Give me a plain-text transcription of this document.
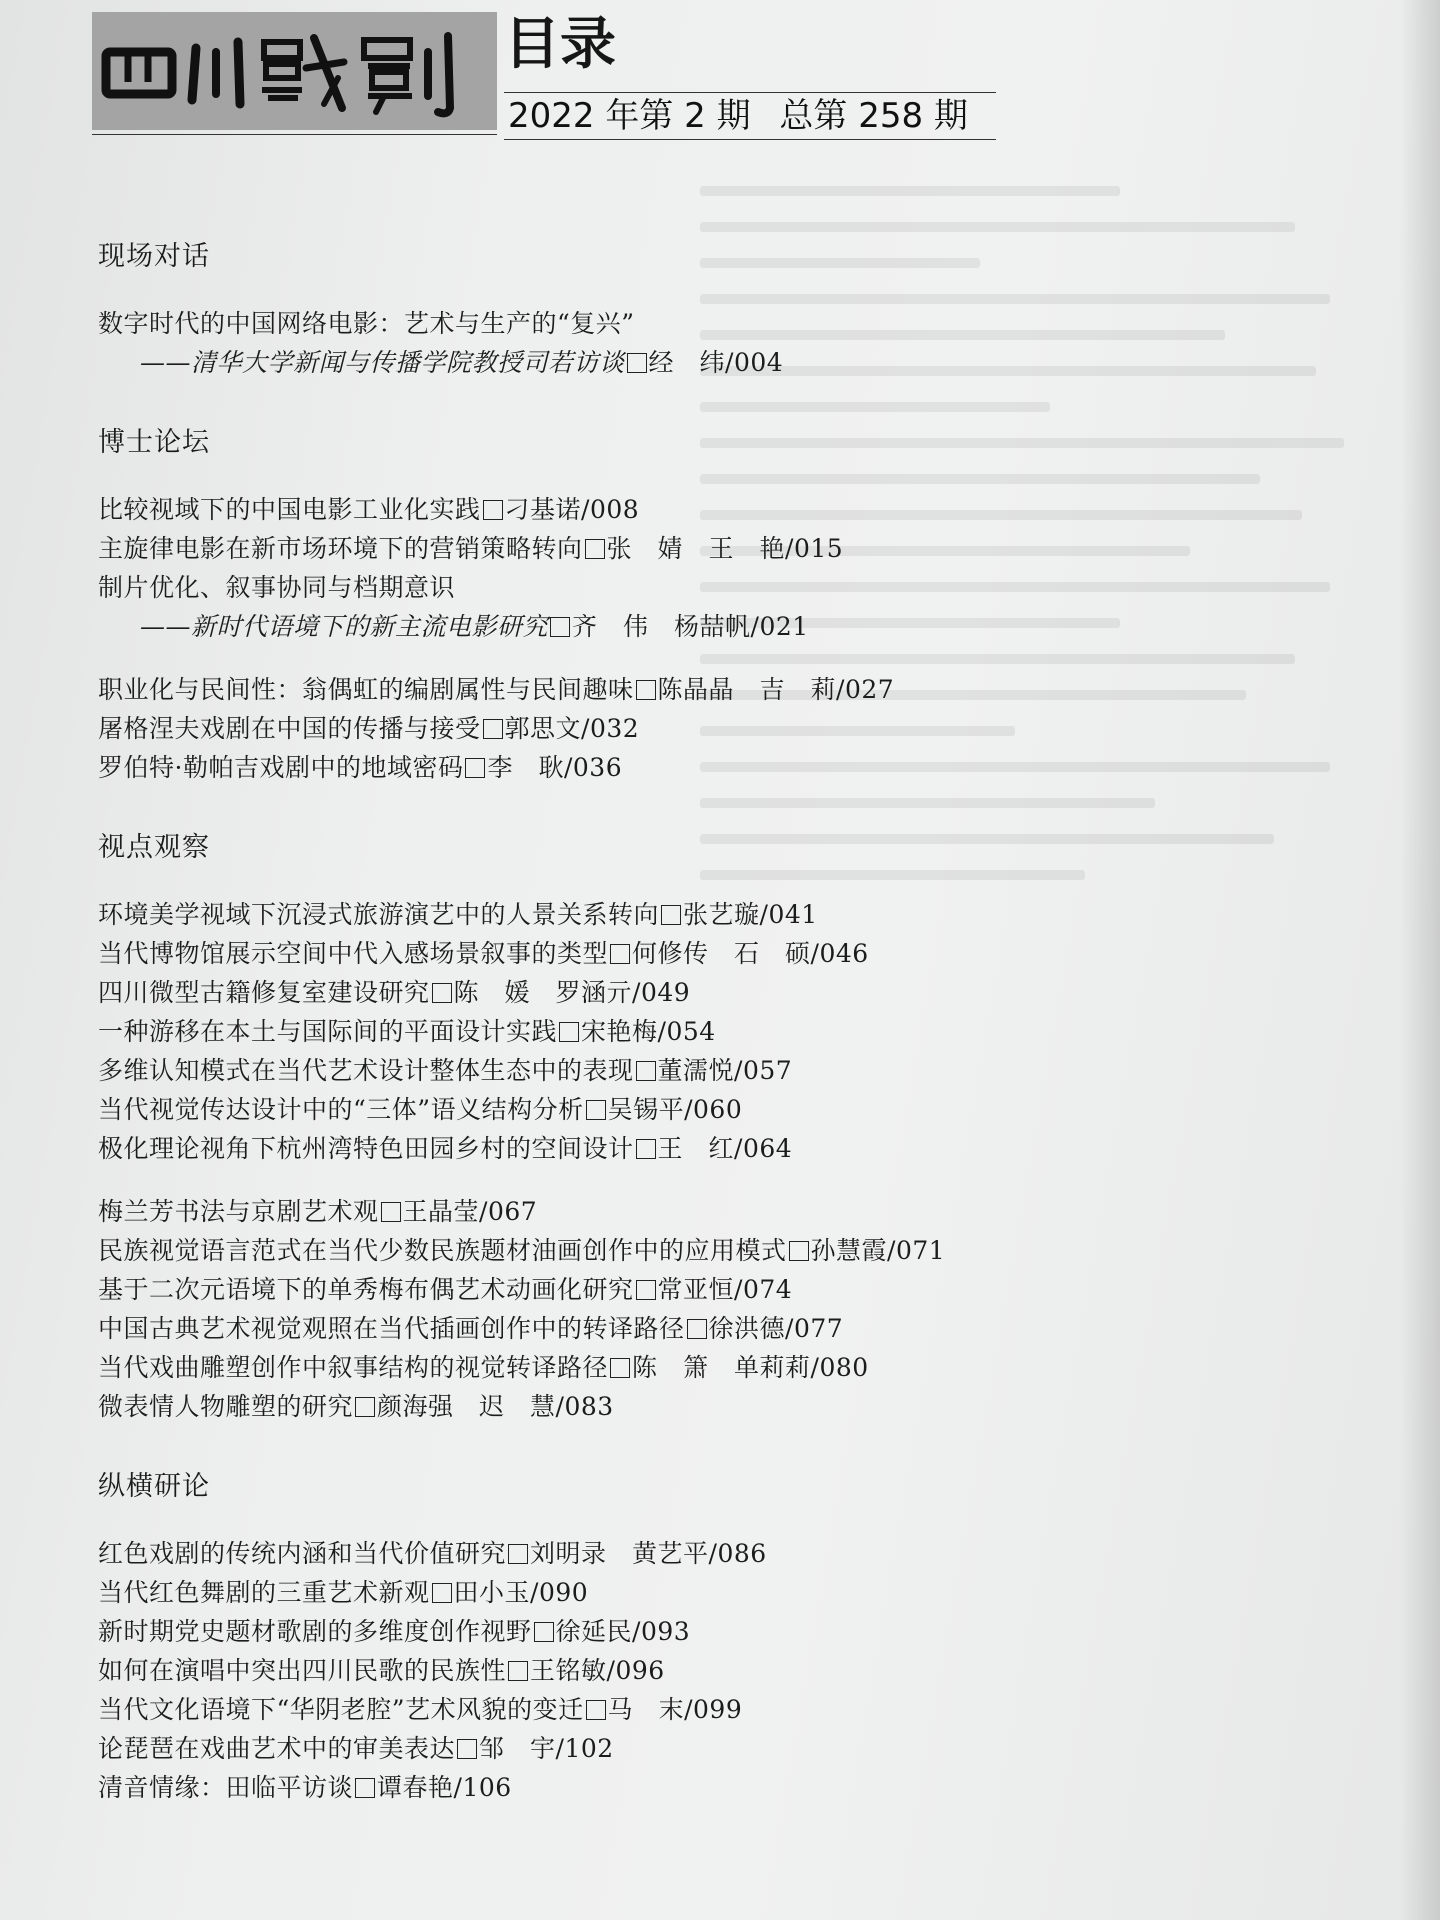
目录
2022 年第 2 期 总第 258 期
现场对话
数字时代的中国网络电影：艺术与生产的“复兴”
——清华大学新闻与传播学院教授司若访谈 经　纬/004
博士论坛
比较视域下的中国电影工业化实践 刁基诺/008
主旋律电影在新市场环境下的营销策略转向 张　婧　王　艳/015
制片优化、叙事协同与档期意识
——新时代语境下的新主流电影研究 齐　伟　杨喆帆/021
职业化与民间性：翁偶虹的编剧属性与民间趣味 陈晶晶　吉　莉/027
屠格涅夫戏剧在中国的传播与接受 郭思文/032
罗伯特·勒帕吉戏剧中的地域密码 李　耿/036
视点观察
环境美学视域下沉浸式旅游演艺中的人景关系转向 张艺璇/041
当代博物馆展示空间中代入感场景叙事的类型 何修传　石　硕/046
四川微型古籍修复室建设研究 陈　媛　罗涵亓/049
一种游移在本土与国际间的平面设计实践 宋艳梅/054
多维认知模式在当代艺术设计整体生态中的表现 董濡悦/057
当代视觉传达设计中的“三体”语义结构分析 吴锡平/060
极化理论视角下杭州湾特色田园乡村的空间设计 王　红/064
梅兰芳书法与京剧艺术观 王晶莹/067
民族视觉语言范式在当代少数民族题材油画创作中的应用模式 孙慧霞/071
基于二次元语境下的单秀梅布偶艺术动画化研究 常亚恒/074
中国古典艺术视觉观照在当代插画创作中的转译路径 徐洪德/077
当代戏曲雕塑创作中叙事结构的视觉转译路径 陈　箫　单莉莉/080
微表情人物雕塑的研究 颜海强　迟　慧/083
纵横研论
红色戏剧的传统内涵和当代价值研究 刘明录　黄艺平/086
当代红色舞剧的三重艺术新观 田小玉/090
新时期党史题材歌剧的多维度创作视野 徐延民/093
如何在演唱中突出四川民歌的民族性 王铭敏/096
当代文化语境下“华阴老腔”艺术风貌的变迁 马　末/099
论琵琶在戏曲艺术中的审美表达 邹　宇/102
清音情缘：田临平访谈 谭春艳/106
